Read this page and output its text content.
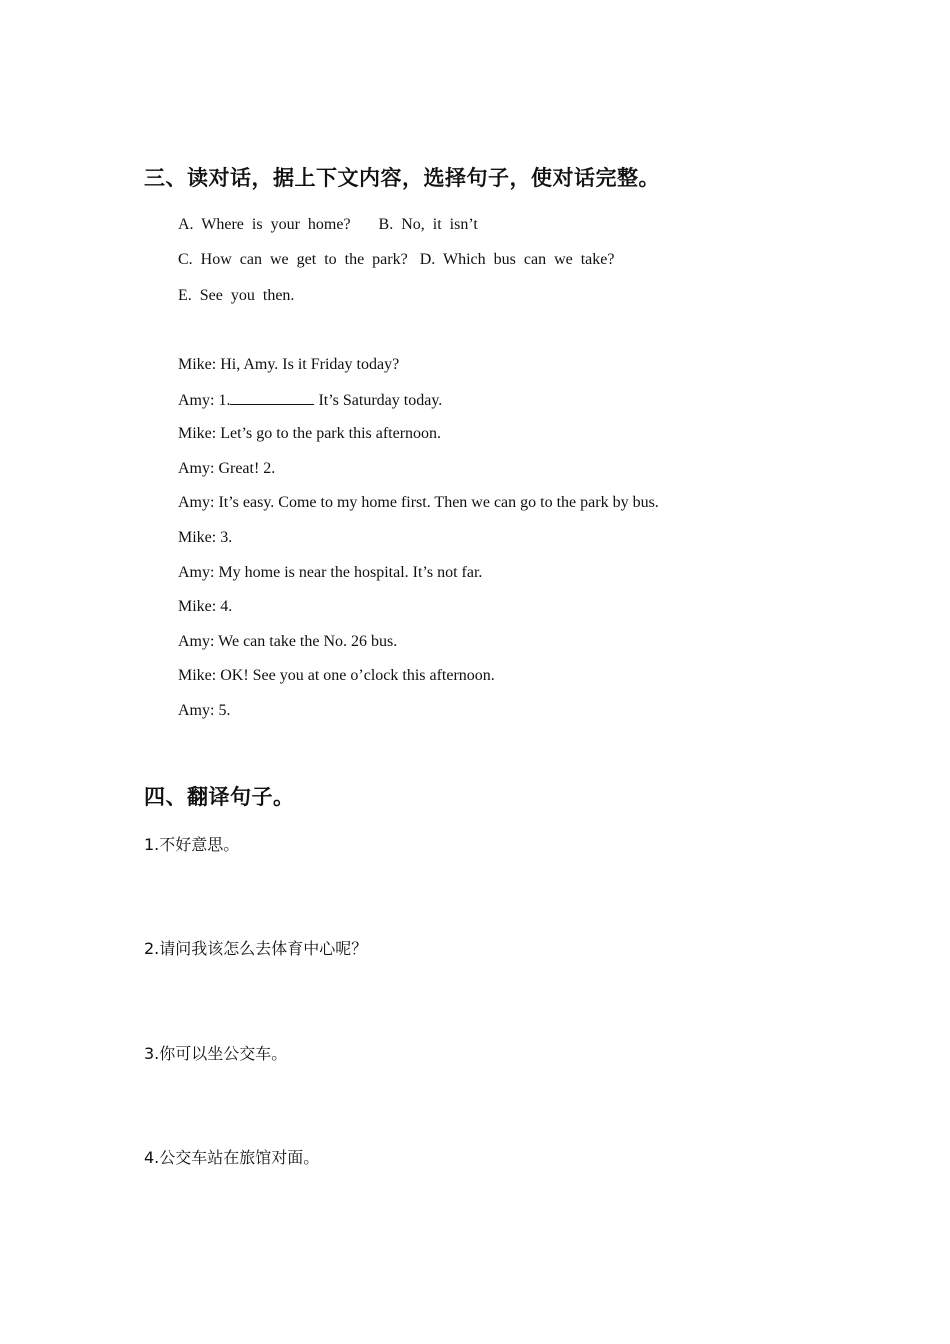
三、读对话，据上下文内容，选择句子，使对话完整。
A. Where is your home? B. No, it isn’t
C. How can we get to the park? D. Which bus can we take?
E. See you then.
Mike: Hi, Amy. Is it Friday today?
Amy: 1.	It’s Saturday today.
Mike: Let’s go to the park this afternoon.
Amy: Great! 2.
Amy: It’s easy. Come to my home first. Then we can go to the park by bus.
Mike: 3.
Amy: My home is near the hospital. It’s not far.
Mike: 4.
Amy: We can take the No. 26 bus.
Mike: OK! See you at one o’clock this afternoon.
Amy: 5.
四、翻译句子。
1.不好意思。
2.请问我该怎么去体育中心呢？
3.你可以坐公交车。
4.公交车站在旅馆对面。
